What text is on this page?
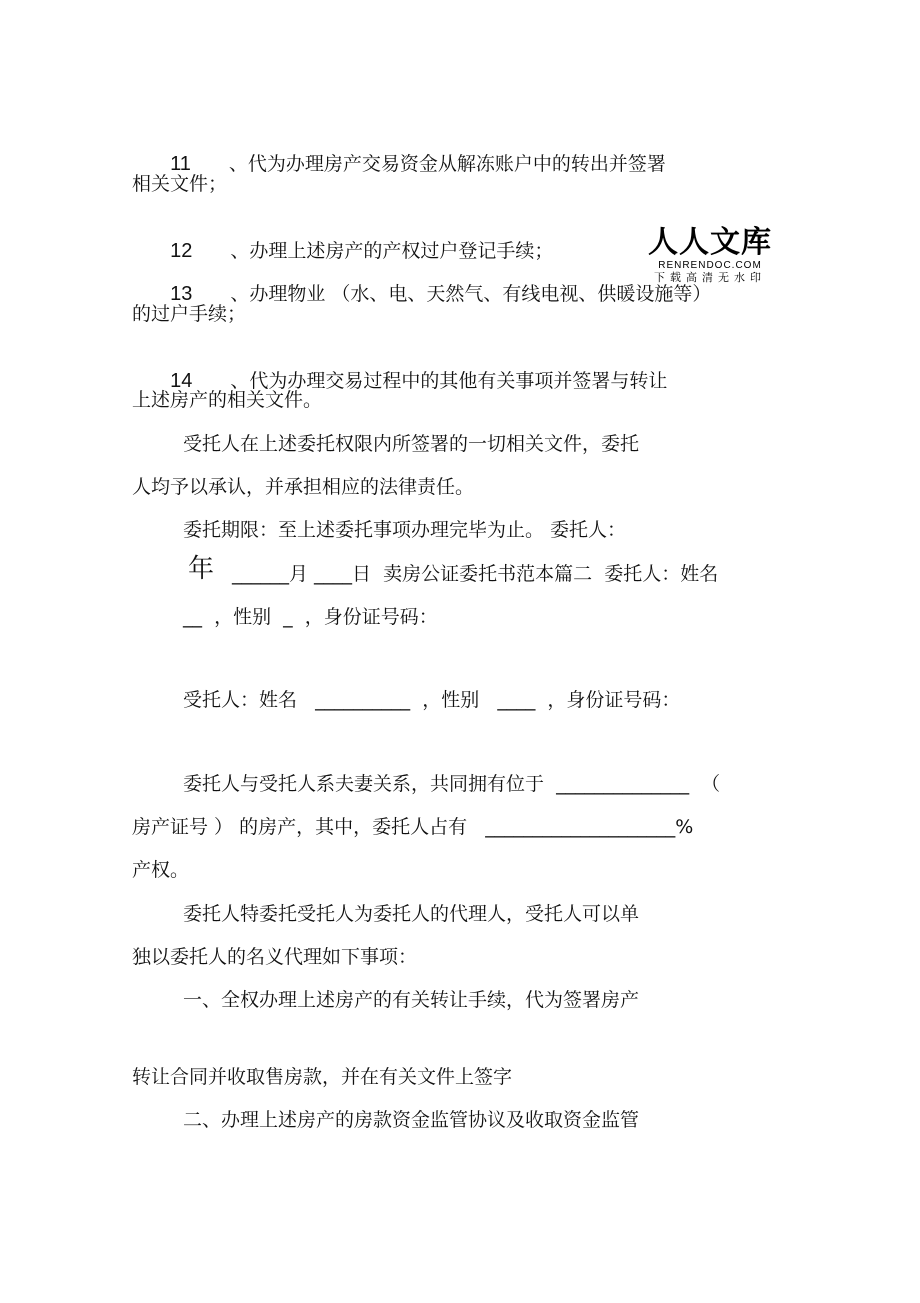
11 、代为办理房产交易资金从解冻账户中的转出并签署

相关文件；

12 、办理上述房产的产权过户登记手续；

13 、办理物业 （水、电、天然气、有线电视、供暖设施等）

的过户手续；

14 、代为办理交易过程中的其他有关事项并签署与转让

上述房产的相关文件。
受托人在上述委托权限内所签署的一切相关文件，委托
人均予以承认，并承担相应的法律责任。
委托期限：至上述委托事项办理完毕为止。 委托人：
年 ______月 ____日  卖房公证委托书范本篇二  委托人：姓名
__  ，性别  _  ，身份证号码：
受托人：姓名   __________  ，性别   ____  ，身份证号码：
委托人与受托人系夫妻关系，共同拥有位于  ______________  （
房产证号 ） 的房产，其中，委托人占有   ____________________%
产权。
委托人特委托受托人为委托人的代理人，受托人可以单
独以委托人的名义代理如下事项：
一、全权办理上述房产的有关转让手续，代为签署房产
转让合同并收取售房款，并在有关文件上签字
二、办理上述房产的房款资金监管协议及收取资金监管
人人文库
RENRENDOC.COM
下载高清无水印
